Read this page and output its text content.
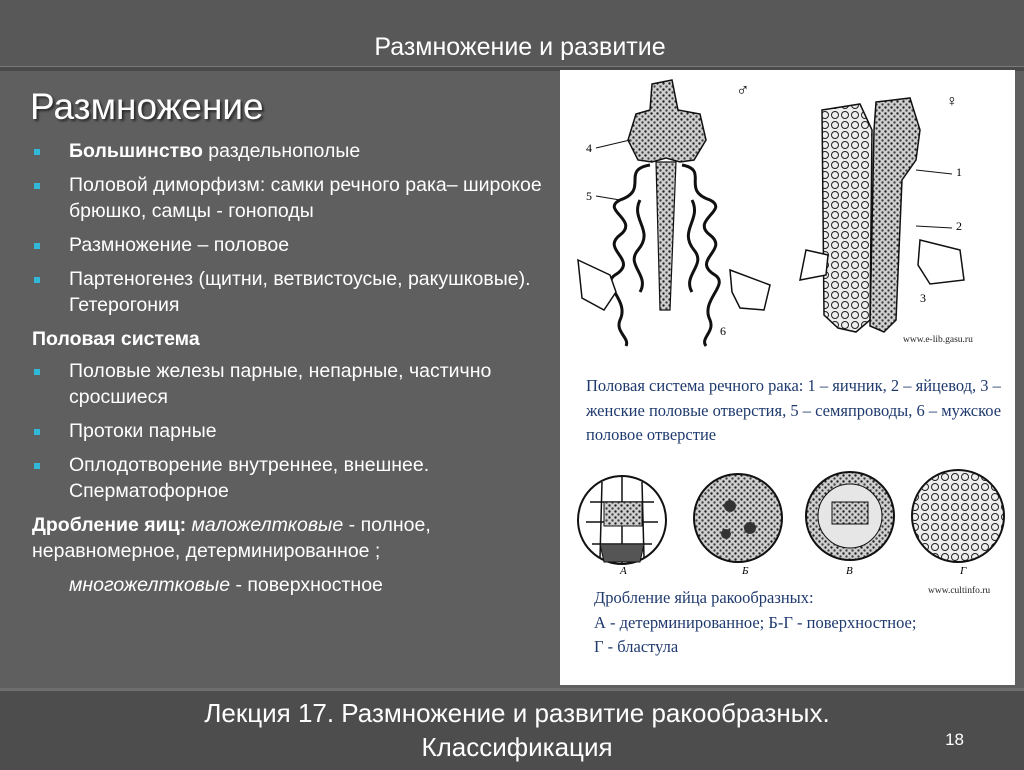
Размножение и развитие
Размножение
Большинство раздельнополые
Половой диморфизм: самки речного рака– широкое брюшко, самцы - гоноподы
Размножение – половое
Партеногенез (щитни, ветвистоусые, ракушковые). Гетерогония
Половая система
Половые железы парные, непарные, частично сросшиеся
Протоки парные
Оплодотворение внутреннее, внешнее. Сперматофорное
Дробление яиц: маложелтковые - полное, неравномерное, детерминированное ;
многожелтковые - поверхностное
♂
4
5
6
♀
1
2
3
www.e-lib.gasu.ru
Половая система речного рака: 1 – яичник, 2 – яйцевод, 3 – женские половые отверстия, 5 – семяпроводы, 6 – мужское половое отверстие
А	Б	В	Г
www.cultinfo.ru
Дробление яйца ракообразных:
А - детерминированное; Б-Г - поверхностное;
Г - бластула
Лекция 17. Размножение и развитие ракообразных.
Классификация	18
